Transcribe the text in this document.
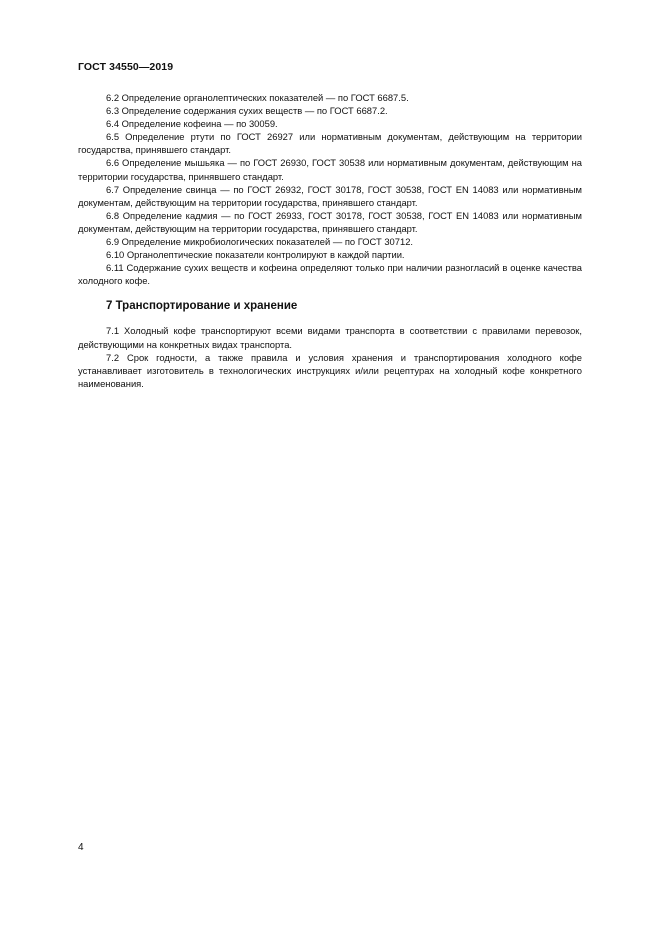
ГОСТ 34550—2019

6.2 Определение органолептических показателей — по ГОСТ 6687.5.

6.3 Определение содержания сухих веществ — по ГОСТ 6687.2.

6.4 Определение кофеина — по 30059.

6.5 Определение ртути по ГОСТ 26927 или нормативным документам, действующим на территории государства, принявшего стандарт.

6.6 Определение мышьяка — по ГОСТ 26930, ГОСТ 30538 или нормативным документам, действующим на территории государства, принявшего стандарт.

6.7 Определение свинца — по ГОСТ 26932, ГОСТ 30178, ГОСТ 30538, ГОСТ EN 14083 или нормативным документам, действующим на территории государства, принявшего стандарт.

6.8 Определение кадмия — по ГОСТ 26933, ГОСТ 30178, ГОСТ 30538, ГОСТ EN 14083 или нормативным документам, действующим на территории государства, принявшего стандарт.

6.9 Определение микробиологических показателей — по ГОСТ 30712.

6.10 Органолептические показатели контролируют в каждой партии.

6.11 Содержание сухих веществ и кофеина определяют только при наличии разногласий в оценке качества холодного кофе.

7 Транспортирование и хранение

7.1 Холодный кофе транспортируют всеми видами транспорта в соответствии с правилами перевозок, действующими на конкретных видах транспорта.

7.2 Срок годности, а также правила и условия хранения и транспортирования холодного кофе устанавливает изготовитель в технологических инструкциях и/или рецептурах на холодный кофе конкретного наименования.

4
